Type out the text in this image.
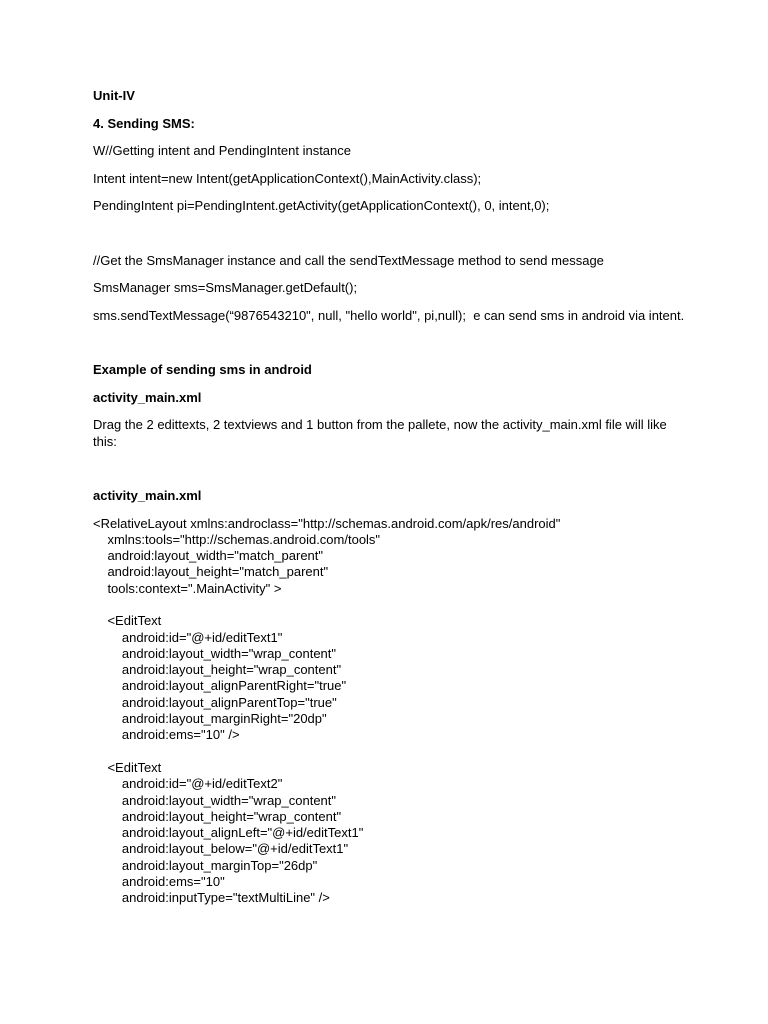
Unit-IV

4. Sending SMS:

W//Getting intent and PendingIntent instance

Intent intent=new Intent(getApplicationContext(),MainActivity.class);

PendingIntent pi=PendingIntent.getActivity(getApplicationContext(), 0, intent,0);

//Get the SmsManager instance and call the sendTextMessage method to send message

SmsManager sms=SmsManager.getDefault();

sms.sendTextMessage(“9876543210", null, "hello world", pi,null);  e can send sms in android via intent.

Example of sending sms in android

activity_main.xml

Drag the 2 edittexts, 2 textviews and 1 button from the pallete, now the activity_main.xml file will like this:

activity_main.xml

<RelativeLayout xmlns:androclass="http://schemas.android.com/apk/res/android"

xmlns:tools="http://schemas.android.com/tools"

android:layout_width="match_parent"

android:layout_height="match_parent"

tools:context=".MainActivity" >

<EditText

android:id="@+id/editText1"

android:layout_width="wrap_content"

android:layout_height="wrap_content"

android:layout_alignParentRight="true"

android:layout_alignParentTop="true"

android:layout_marginRight="20dp"

android:ems="10" />

<EditText

android:id="@+id/editText2"

android:layout_width="wrap_content"

android:layout_height="wrap_content"

android:layout_alignLeft="@+id/editText1"

android:layout_below="@+id/editText1"

android:layout_marginTop="26dp"

android:ems="10"

android:inputType="textMultiLine" />
